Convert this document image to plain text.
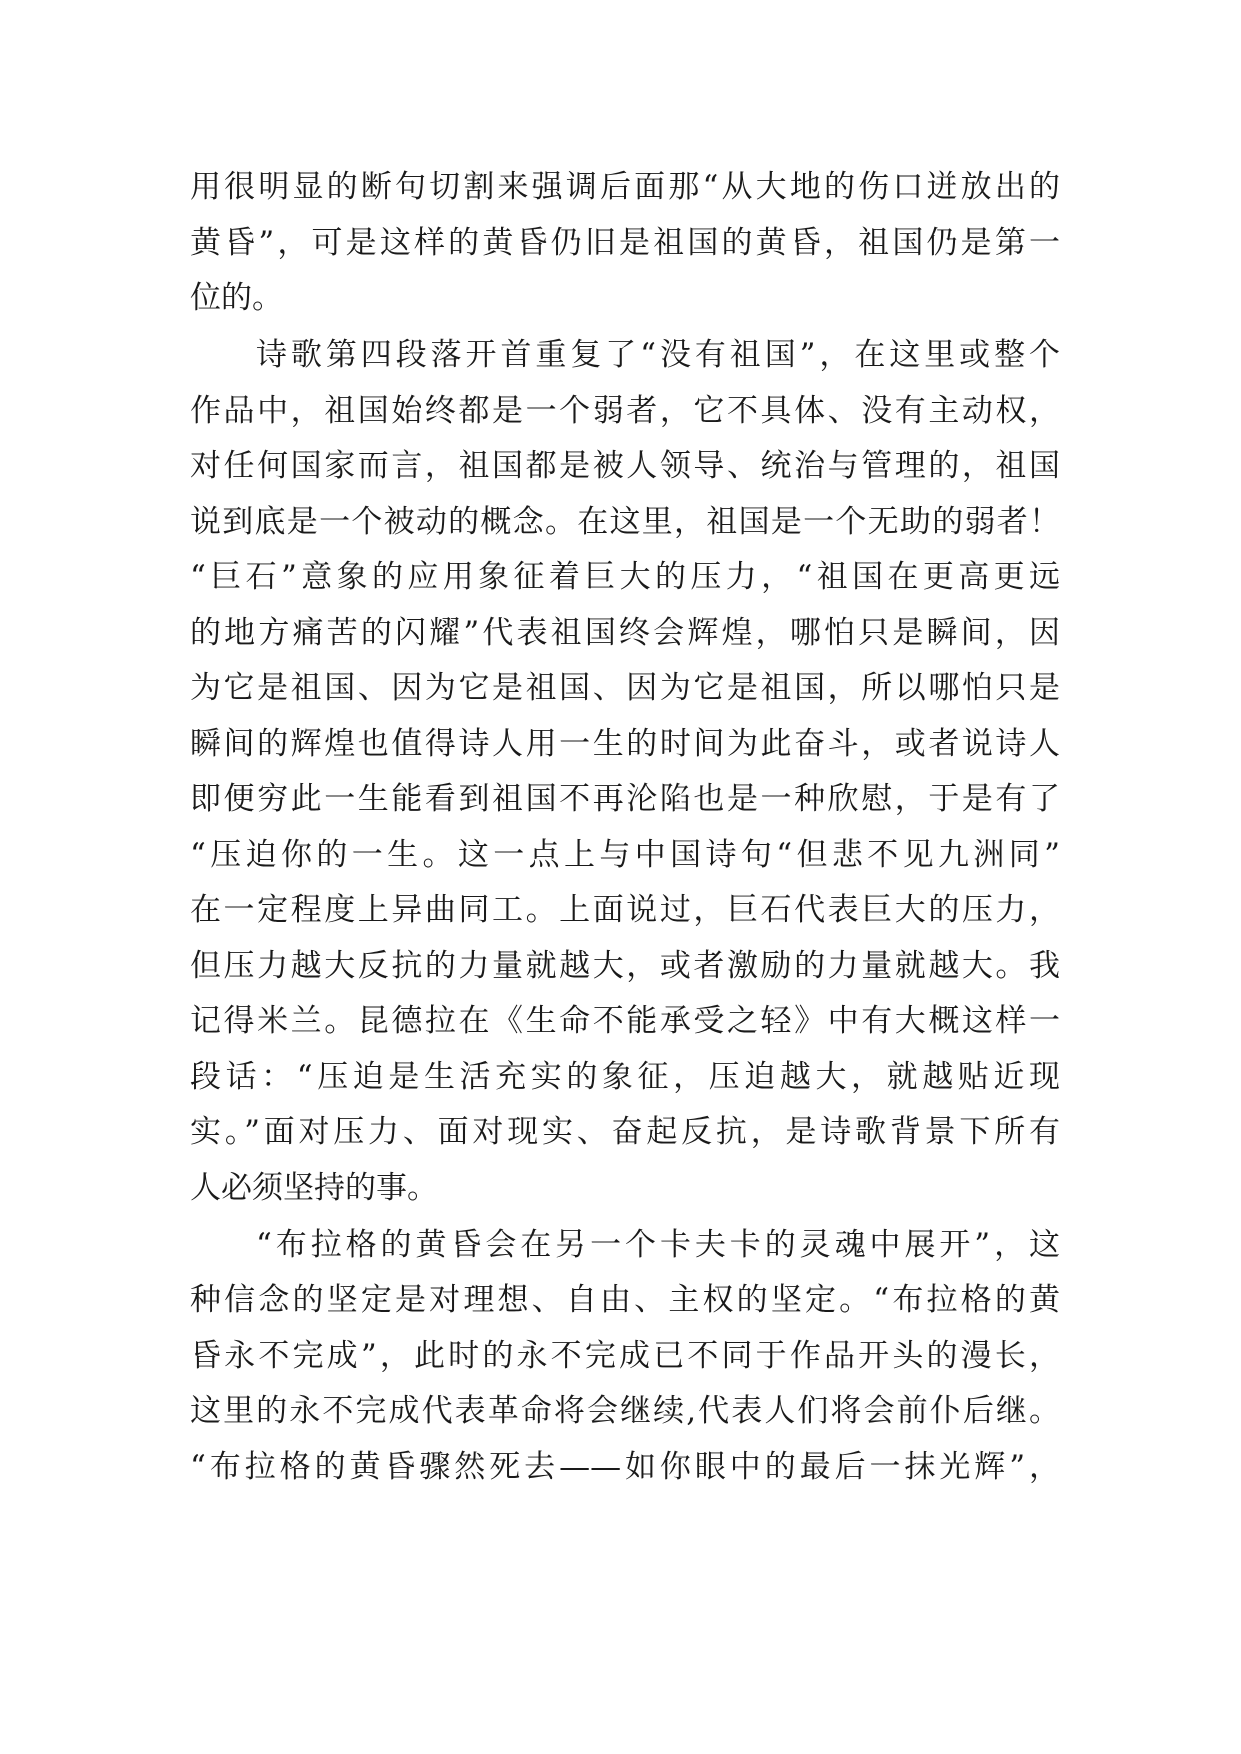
用很明显的断句切割来强调后面那“从大地的伤口迸放出的
黄昏”，可是这样的黄昏仍旧是祖国的黄昏，祖国仍是第一
位的。
诗歌第四段落开首重复了“没有祖国”，在这里或整个
作品中，祖国始终都是一个弱者，它不具体、没有主动权，
对任何国家而言，祖国都是被人领导、统治与管理的，祖国
说到底是一个被动的概念。在这里，祖国是一个无助的弱者！
“巨石”意象的应用象征着巨大的压力，“祖国在更高更远
的地方痛苦的闪耀”代表祖国终会辉煌，哪怕只是瞬间，因
为它是祖国、因为它是祖国、因为它是祖国，所以哪怕只是
瞬间的辉煌也值得诗人用一生的时间为此奋斗，或者说诗人
即便穷此一生能看到祖国不再沦陷也是一种欣慰，于是有了
“压迫你的一生。这一点上与中国诗句“但悲不见九洲同”
在一定程度上异曲同工。上面说过，巨石代表巨大的压力，
但压力越大反抗的力量就越大，或者激励的力量就越大。我
记得米兰。昆德拉在《生命不能承受之轻》中有大概这样一
段话：“压迫是生活充实的象征，压迫越大，就越贴近现
实。”面对压力、面对现实、奋起反抗，是诗歌背景下所有
人必须坚持的事。
“布拉格的黄昏会在另一个卡夫卡的灵魂中展开”，这
种信念的坚定是对理想、自由、主权的坚定。“布拉格的黄
昏永不完成”，此时的永不完成已不同于作品开头的漫长，
这里的永不完成代表革命将会继续,代表人们将会前仆后继。
“布拉格的黄昏骤然死去——如你眼中的最后一抹光辉”，
